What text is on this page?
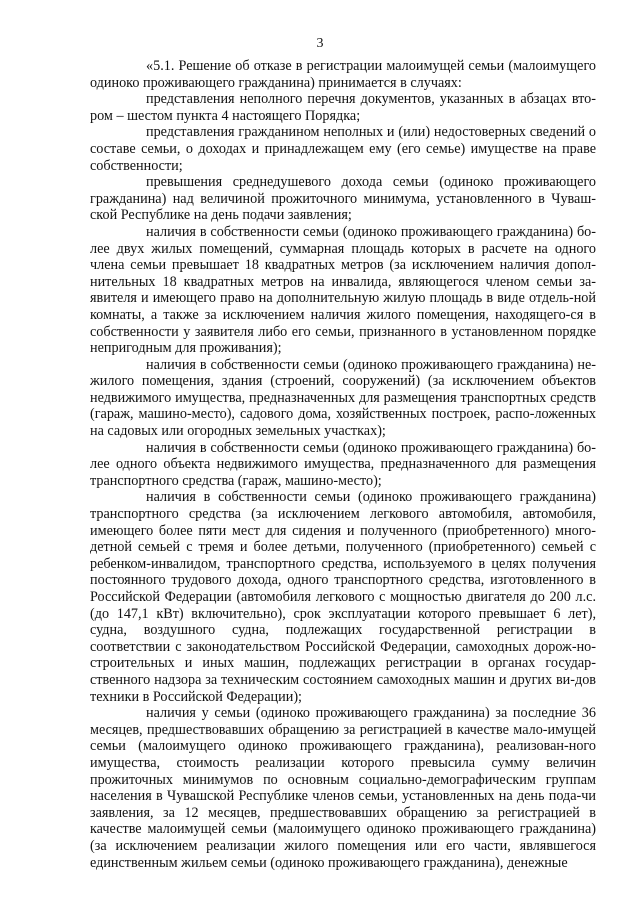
3

«5.1. Решение об отказе в регистрации малоимущей семьи (малоимущего одиноко проживающего гражданина) принимается в случаях:

представления неполного перечня документов, указанных в абзацах вто-ром – шестом пункта 4 настоящего Порядка;

представления гражданином неполных и (или) недостоверных сведений о составе семьи, о доходах и принадлежащем ему (его семье) имуществе на праве собственности;

превышения среднедушевого дохода семьи (одиноко проживающего гражданина) над величиной прожиточного минимума, установленного в Чуваш-ской Республике на день подачи заявления;

наличия в собственности семьи (одиноко проживающего гражданина) бо-лее двух жилых помещений, суммарная площадь которых в расчете на одного члена семьи превышает 18 квадратных метров (за исключением наличия допол-нительных 18 квадратных метров на инвалида, являющегося членом семьи за-явителя и имеющего право на дополнительную жилую площадь в виде отдель-ной комнаты, а также за исключением наличия жилого помещения, находящего-ся в собственности у заявителя либо его семьи, признанного в установленном порядке непригодным для проживания);

наличия в собственности семьи (одиноко проживающего гражданина) не-жилого помещения, здания (строений, сооружений) (за исключением объектов недвижимого имущества, предназначенных для размещения транспортных средств (гараж, машино-место), садового дома, хозяйственных построек, распо-ложенных на садовых или огородных земельных участках);

наличия в собственности семьи (одиноко проживающего гражданина) бо-лее одного объекта недвижимого имущества, предназначенного для размещения транспортного средства (гараж, машино-место);

наличия в собственности семьи (одиноко проживающего гражданина) транспортного средства (за исключением легкового автомобиля, автомобиля, имеющего более пяти мест для сидения и полученного (приобретенного) много-детной семьей с тремя и более детьми, полученного (приобретенного) семьей с ребенком-инвалидом, транспортного средства, используемого в целях получения постоянного трудового дохода, одного транспортного средства, изготовленного в Российской Федерации (автомобиля легкового с мощностью двигателя до 200 л.с. (до 147,1 кВт) включительно), срок эксплуатации которого превышает 6 лет), судна, воздушного судна, подлежащих государственной регистрации в соответствии с законодательством Российской Федерации, самоходных дорож-но-строительных и иных машин, подлежащих регистрации в органах государ-ственного надзора за техническим состоянием самоходных машин и других ви-дов техники в Российской Федерации);

наличия у семьи (одиноко проживающего гражданина) за последние 36 месяцев, предшествовавших обращению за регистрацией в качестве мало-имущей семьи (малоимущего одиноко проживающего гражданина), реализован-ного имущества, стоимость реализации которого превысила сумму величин прожиточных минимумов по основным социально-демографическим группам населения в Чувашской Республике членов семьи, установленных на день пода-чи заявления, за 12 месяцев, предшествовавших обращению за регистрацией в качестве малоимущей семьи (малоимущего одиноко проживающего гражданина) (за исключением реализации жилого помещения или его части, являвшегося единственным жильем семьи (одиноко проживающего гражданина), денежные
